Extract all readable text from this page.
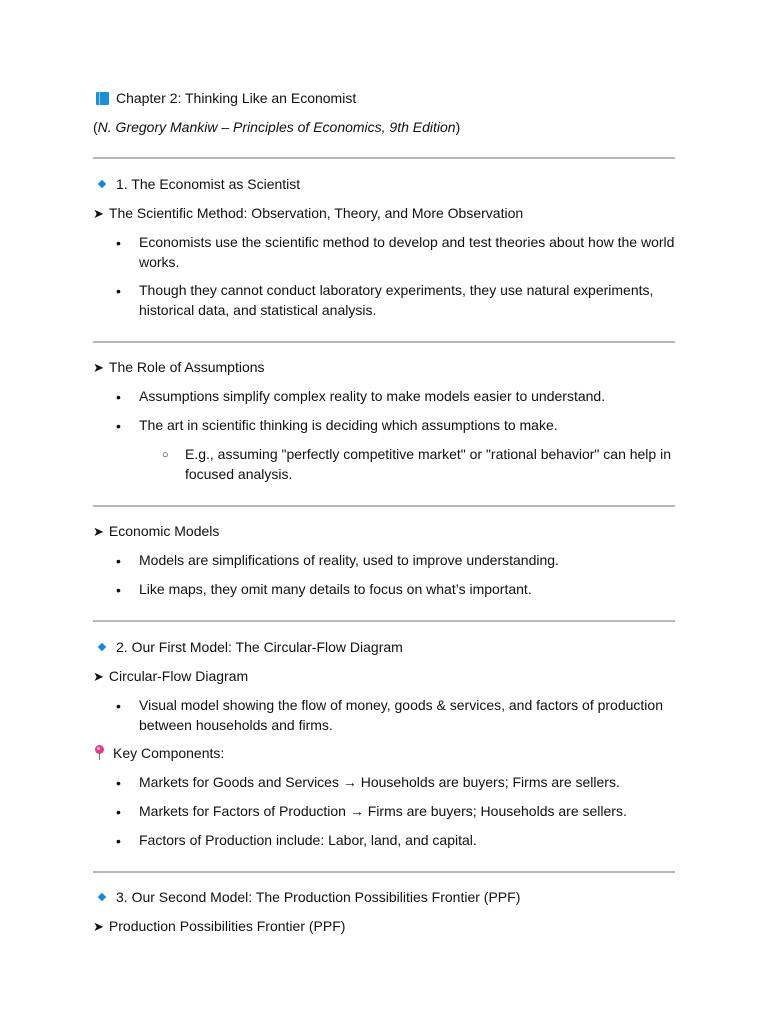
Chapter 2: Thinking Like an Economist
(N. Gregory Mankiw – Principles of Economics, 9th Edition)
1. The Economist as Scientist
➤ The Scientific Method: Observation, Theory, and More Observation
• Economists use the scientific method to develop and test theories about how the world works.
• Though they cannot conduct laboratory experiments, they use natural experiments, historical data, and statistical analysis.
➤ The Role of Assumptions
• Assumptions simplify complex reality to make models easier to understand.
• The art in scientific thinking is deciding which assumptions to make.
○ E.g., assuming "perfectly competitive market" or "rational behavior" can help in focused analysis.
➤ Economic Models
• Models are simplifications of reality, used to improve understanding.
• Like maps, they omit many details to focus on what’s important.
2. Our First Model: The Circular-Flow Diagram
➤ Circular-Flow Diagram
• Visual model showing the flow of money, goods & services, and factors of production between households and firms.
Key Components:
• Markets for Goods and Services → Households are buyers; Firms are sellers.
• Markets for Factors of Production → Firms are buyers; Households are sellers.
• Factors of Production include: Labor, land, and capital.
3. Our Second Model: The Production Possibilities Frontier (PPF)
➤ Production Possibilities Frontier (PPF)
